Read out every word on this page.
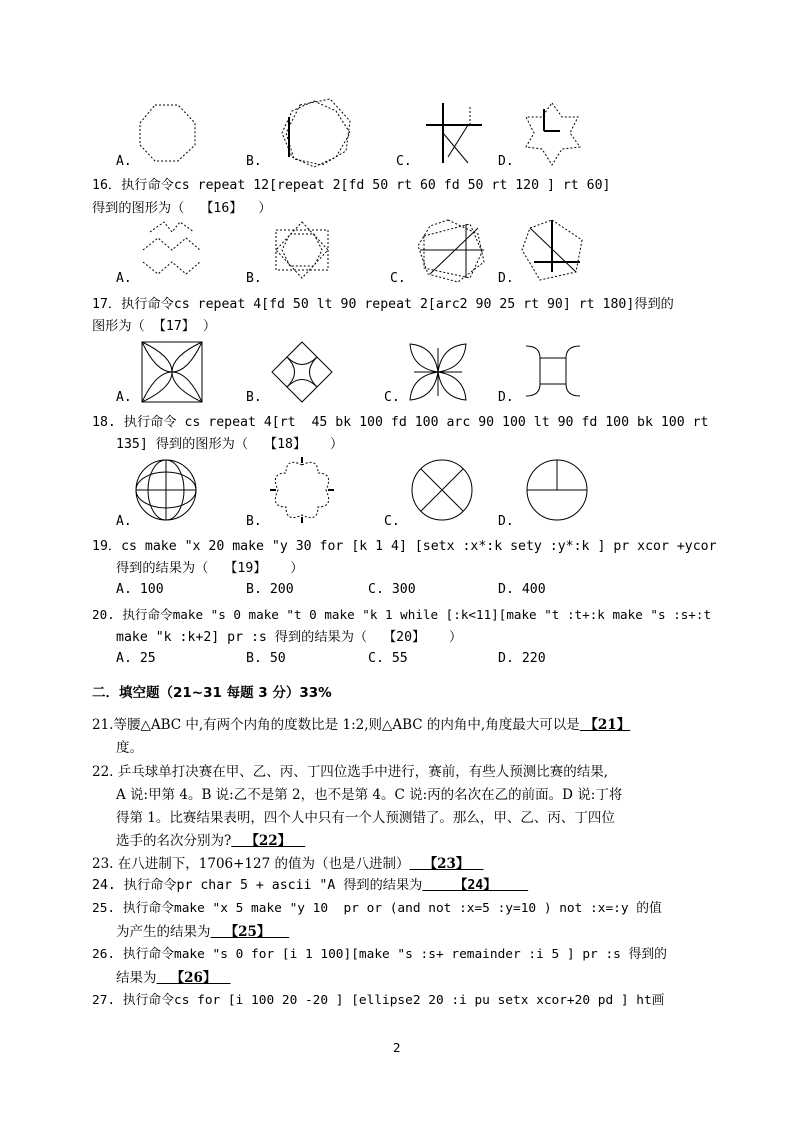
A.	B.	C.	D.
16．执行命令cs repeat 12[repeat 2[fd 50 rt 60 fd 50 rt 120 ] rt 60]
得到的图形为（  【16】  ）
A.	B.	C.	D.
17．执行命令cs repeat 4[fd 50 lt 90 repeat 2[arc2 90 25 rt 90] rt 180]得到的
图形为（ 【17】 ）
A.	B.	C.	D.
18. 执行命令 cs repeat 4[rt  45 bk 100 fd 100 arc 90 100 lt 90 fd 100 bk 100 rt
135] 得到的图形为（  【18】   ）
A.	B.	C.	D.
19．cs make "x 20 make "y 30 for [k 1 4] [setx :x*:k sety :y*:k ] pr xcor +ycor
得到的结果为（  【19】   ）
A. 100	B. 200	C. 300	D. 400
20. 执行命令make "s 0 make "t 0 make "k 1 while [:k<11][make "t :t+:k make "s :s+:t
make "k :k+2] pr :s 得到的结果为（  【20】   ）
A. 25	B. 50	C. 55	D. 220
二．填空题（21~31 每题 3 分）33%
21.等腰△ABC 中,有两个内角的度数比是 1:2,则△ABC 的内角中,角度最大可以是 【21】
度。
22. 乒乓球单打决赛在甲、乙、丙、丁四位选手中进行，赛前，有些人预测比赛的结果,
A 说:甲第 4。B 说:乙不是第 2，也不是第 4。C 说:丙的名次在乙的前面。D 说:丁将
得第 1。比赛结果表明，四个人中只有一个人预测错了。那么，甲、乙、丙、丁四位
选手的名次分别为?   【22】
23. 在八进制下，1706+127 的值为（也是八进制）   【23】
24. 执行命令pr char 5 + ascii "A 得到的结果为    【24】
25. 执行命令make "x 5 make "y 10  pr or (and not :x=5 :y=10 ) not :x=:y 的值
为产生的结果为   【25】
26. 执行命令make "s 0 for [i 1 100][make "s :s+ remainder :i 5 ] pr :s 得到的
结果为   【26】
27. 执行命令cs for [i 100 20 -20 ] [ellipse2 20 :i pu setx xcor+20 pd ] ht画
2
